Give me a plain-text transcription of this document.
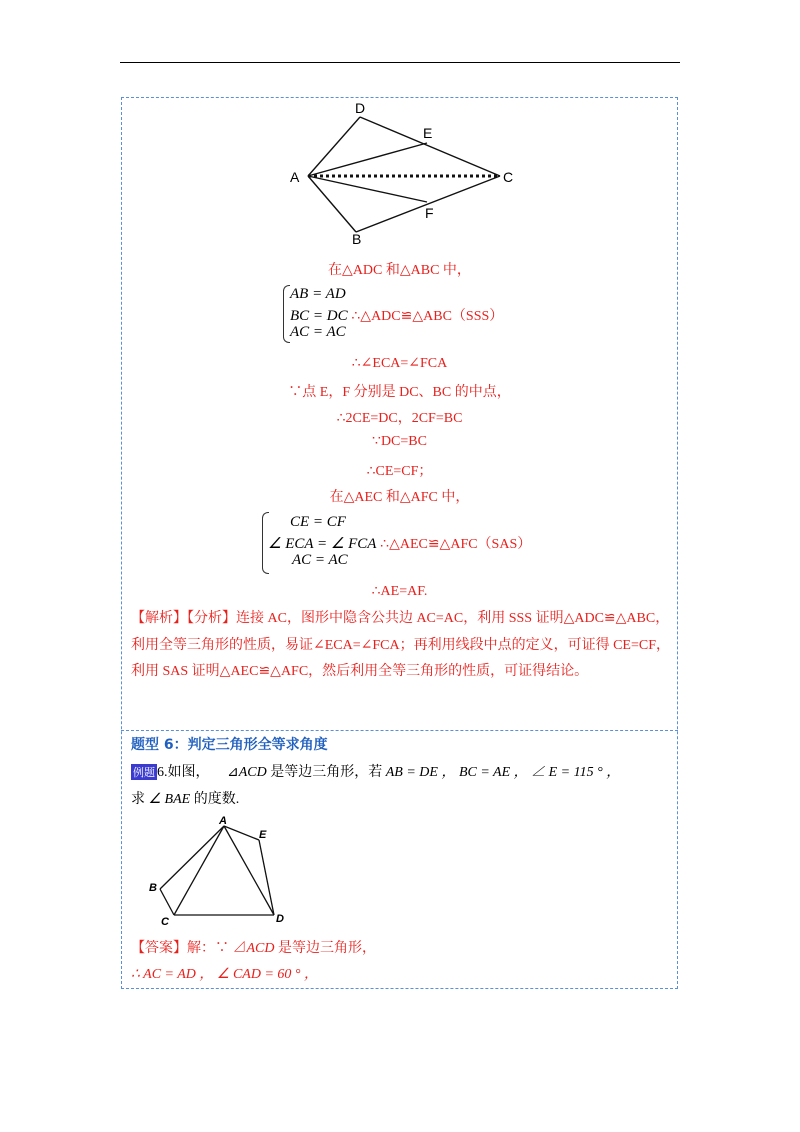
D
E
A	C
F
B
在△ADC 和△ABC 中，
AB = AD
BC = DC ∴△ADC≌△ABC（SSS）
AC = AC
∴∠ECA=∠FCA
∵点 E，F 分别是 DC、BC 的中点，
∴2CE=DC，2CF=BC
∵DC=BC
∴CE=CF；
在△AEC 和△AFC 中，
CE = CF
∠ ECA = ∠ FCA ∴△AEC≌△AFC（SAS）
AC = AC
∴AE=AF.
【解析】【分析】连接 AC，图形中隐含公共边 AC=AC，利用 SSS 证明△ADC≌△ABC，利用全等三角形的性质，易证∠ECA=∠FCA；再利用线段中点的定义，可证得 CE=CF，利用 SAS 证明△AEC≌△AFC，然后利用全等三角形的性质，可证得结论。
题型 6：判定三角形全等求角度
例题 6.如图， ⊿ACD 是等边三角形，若 AB = DE ， BC = AE ， ∠ E = 115 ° ，
求 ∠ BAE 的度数.
A
E
B
C	D
【答案】解：∵ ⊿ACD 是等边三角形，
∴ AC = AD ， ∠ CAD = 60 ° ，
